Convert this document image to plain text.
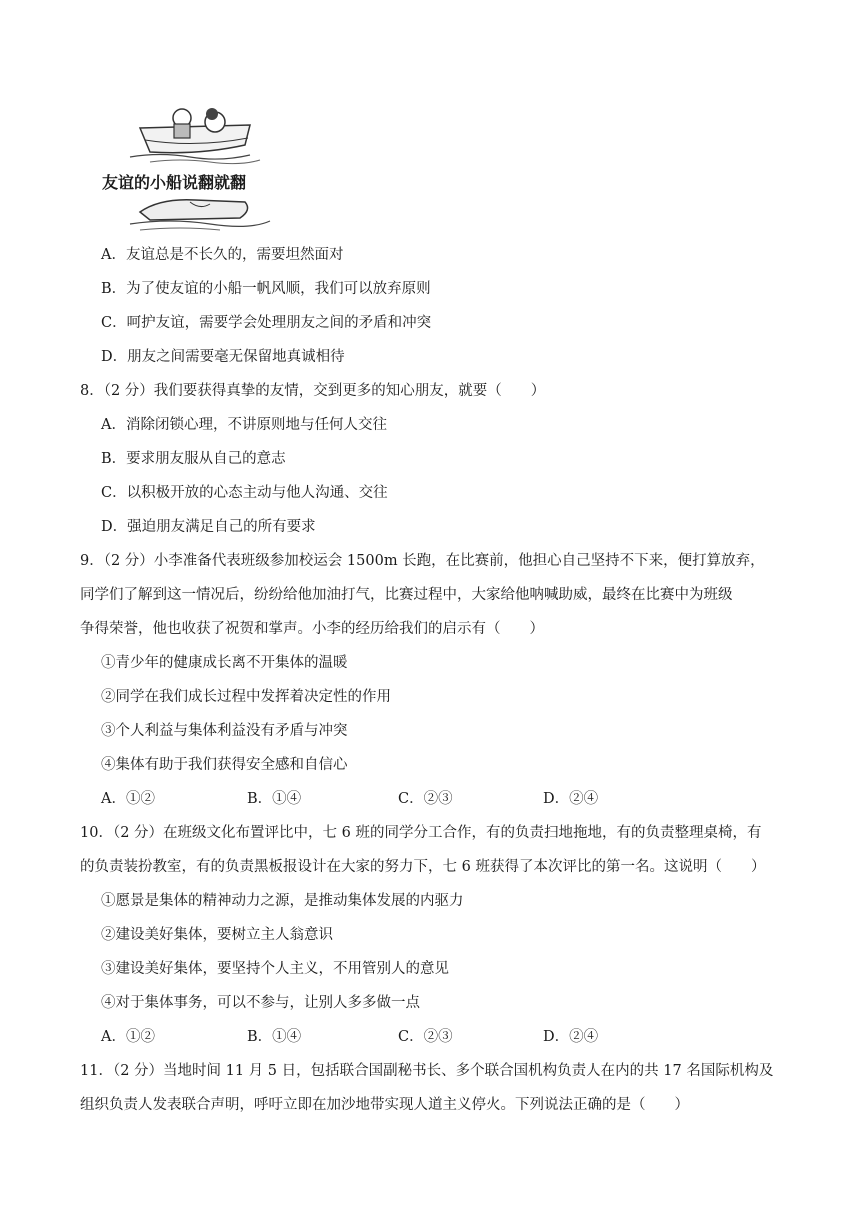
友谊的小船说翻就翻
A．友谊总是不长久的，需要坦然面对
B．为了使友谊的小船一帆风顺，我们可以放弃原则
C．呵护友谊，需要学会处理朋友之间的矛盾和冲突
D．朋友之间需要毫无保留地真诚相待
8．（2 分）我们要获得真挚的友情，交到更多的知心朋友，就要（　　）
A．消除闭锁心理，不讲原则地与任何人交往
B．要求朋友服从自己的意志
C．以积极开放的心态主动与他人沟通、交往
D．强迫朋友满足自己的所有要求
9．（2 分）小李准备代表班级参加校运会 1500m 长跑，在比赛前，他担心自己坚持不下来，便打算放弃，
同学们了解到这一情况后，纷纷给他加油打气，比赛过程中，大家给他呐喊助威，最终在比赛中为班级
争得荣誉，他也收获了祝贺和掌声。小李的经历给我们的启示有（　　）
①青少年的健康成长离不开集体的温暖
②同学在我们成长过程中发挥着决定性的作用
③个人利益与集体利益没有矛盾与冲突
④集体有助于我们获得安全感和自信心
A．①②	B．①④	C．②③	D．②④
10．（2 分）在班级文化布置评比中，七 6 班的同学分工合作，有的负责扫地拖地，有的负责整理桌椅，有
的负责装扮教室，有的负责黑板报设计在大家的努力下，七 6 班获得了本次评比的第一名。这说明（　　）
①愿景是集体的精神动力之源，是推动集体发展的内驱力
②建设美好集体，要树立主人翁意识
③建设美好集体，要坚持个人主义，不用管别人的意见
④对于集体事务，可以不参与，让别人多多做一点
A．①②	B．①④	C．②③	D．②④
11．（2 分）当地时间 11 月 5 日，包括联合国副秘书长、多个联合国机构负责人在内的共 17 名国际机构及
组织负责人发表联合声明，呼吁立即在加沙地带实现人道主义停火。下列说法正确的是（　　）
